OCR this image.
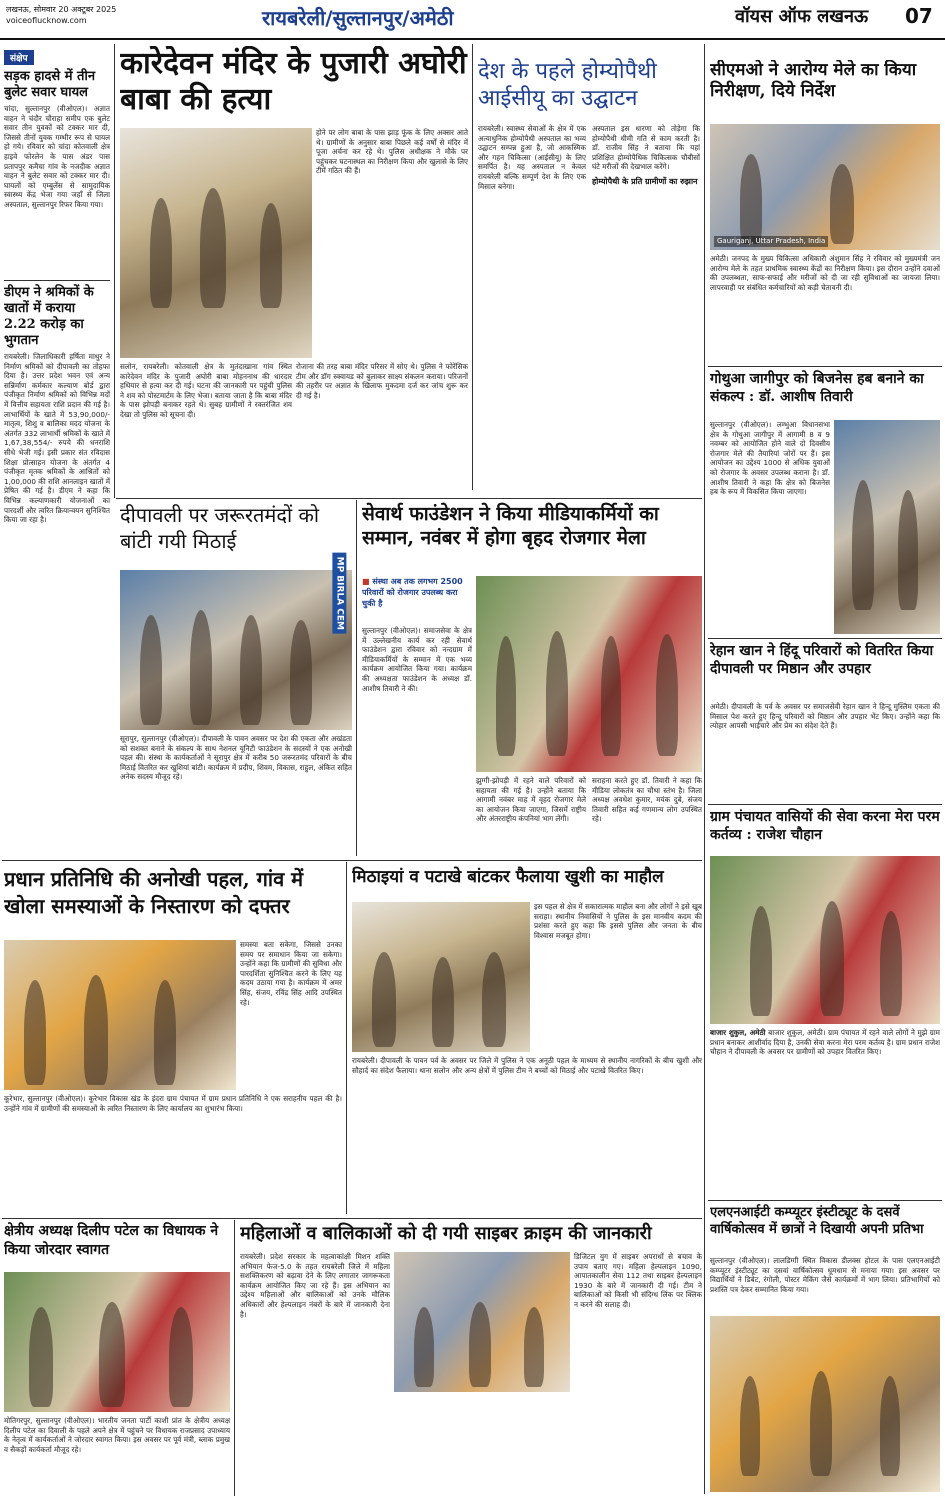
लखनऊ, सोमवार 20 अक्टूबर 2025
voiceoflucknow.com	रायबरेली/सुल्तानपुर/अमेठी	वॉयस ऑफ लखनऊ 07
संक्षेप
सड़क हादसे में तीन बुलेट सवार घायल
चांदा, सुल्तानपुर (वीओएल)। अज्ञात वाहन ने चंदौर चौराहा समीप एक बुलेट सवार तीन युवकों को टक्कर मार दी, जिससे तीनों युवक गम्भीर रूप से घायल हो गये। रविवार को चांदा कोतवाली क्षेत्र हाइवे फोरलेन के पास अंडर पास प्रतापपुर कमैचा गांव के नजदीक अज्ञात वाहन ने बुलेट सवार को टक्कर मार दी। घायलों को एम्बुलेंस से सामुदायिक स्वास्थ्य केंद्र भेजा गया जहाँ से जिला अस्पताल, सुल्तानपुर रिफर किया गया।
डीएम ने श्रमिकों के खातों में कराया 2.22 करोड़ का भुगतान
रायबरेली। जिलाधिकारी हर्षिता माथुर ने निर्माण श्रमिकों को दीपावली का तोहफा दिया है। उत्तर प्रदेश भवन एवं अन्य सन्निर्माण कर्मकार कल्याण बोर्ड द्वारा पंजीकृत निर्माण श्रमिकों को विभिन्न मदों में वित्तीय सहायता राशि प्रदान की गई है। लाभार्थियों के खाते में 53,90,000/- मातृत्व, शिशु व बालिका मदद योजना के अंतर्गत 332 लाभार्थी श्रमिकों के खाते में 1,67,38,554/- रुपये की धनराशि सीधे भेजी गई। इसी प्रकार संत रविदास शिक्षा प्रोत्साहन योजना के अंतर्गत 4 पंजीकृत मृतक श्रमिकों के आश्रितों को 1,00,000 की राशि आनलाइन खातों में प्रेषित की गई है। डीएम ने कहा कि विभिन्न कल्याणकारी योजनाओं का पारदर्शी और त्वरित क्रियान्वयन सुनिश्चित किया जा रहा है।
कारेदेवन मंदिर के पुजारी अघोरी बाबा की हत्या
होने पर लोग बाबा के पास झाड़ फूंक के लिए अक्सर आते थे। ग्रामीणों के अनुसार बाबा पिछले कई वर्षों से मंदिर में पूजा अर्चना कर रहे थे। पुलिस अधीक्षक ने मौके पर पहुंचकर घटनास्थल का निरीक्षण किया और खुलासे के लिए टीमें गठित की हैं।
सलोन, रायबरेली। कोतवाली क्षेत्र के मुतंदाखाना गांव स्थित कारेदेवन मंदिर के पुजारी अघोरी बाबा मोहननाथ की धारदार हथियार से हत्या कर दी गई। घटना की जानकारी पर पहुंची पुलिस ने शव को पोस्टमार्टम के लिए भेजा। बताया जाता है कि बाबा मंदिर के पास झोपड़ी बनाकर रहते थे। सुबह ग्रामीणों ने रक्तरंजित शव देखा तो पुलिस को सूचना दी।
रोजाना की तरह बाबा मंदिर परिसर में सोए थे। पुलिस ने फोरेंसिक टीम और डॉग स्क्वायड को बुलाकर साक्ष्य संकलन कराया। परिजनों की तहरीर पर अज्ञात के खिलाफ मुकदमा दर्ज कर जांच शुरू कर दी गई है।
देश के पहले होम्योपैथी आईसीयू का उद्घाटन
रायबरेली। स्वास्थ्य सेवाओं के क्षेत्र में एक अत्याधुनिक होम्योपैथी अस्पताल का भव्य उद्घाटन सम्पन्न हुआ है, जो आकस्मिक और गहन चिकित्सा (आईसीयू) के लिए समर्पित है। यह अस्पताल न केवल रायबरेली बल्कि सम्पूर्ण देश के लिए एक मिसाल बनेगा।
अस्पताल इस धारणा को तोड़ेगा कि होम्योपैथी धीमी गति से काम करती है। डॉ. राजीव सिंह ने बताया कि यहां प्रशिक्षित होम्योपैथिक चिकित्सक चौबीसों घंटे मरीजों की देखभाल करेंगे।
होम्योपैथी के प्रति ग्रामीणों का रुझान
सीएमओ ने आरोग्य मेले का किया निरीक्षण, दिये निर्देश
Gauriganj, Uttar Pradesh, India
अमेठी। जनपद के मुख्य चिकित्सा अधिकारी अंशुमान सिंह ने रविवार को मुख्यमंत्री जन आरोग्य मेले के तहत प्राथमिक स्वास्थ्य केंद्रों का निरीक्षण किया। इस दौरान उन्होंने दवाओं की उपलब्धता, साफ-सफाई और मरीजों को दी जा रही सुविधाओं का जायजा लिया। लापरवाही पर संबंधित कर्मचारियों को कड़ी चेतावनी दी।
गोथुआ जागीपुर को बिजनेस हब बनाने का संकल्प : डॉ. आशीष तिवारी
सुल्तानपुर (वीओएल)। लम्भुआ विधानसभा क्षेत्र के गोथुआ जागीपुर में आगामी 8 व 9 नवम्बर को आयोजित होने वाले दो दिवसीय रोजगार मेले की तैयारियां जोरों पर हैं। इस आयोजन का उद्देश्य 1000 से अधिक युवाओं को रोजगार के अवसर उपलब्ध कराना है। डॉ. आशीष तिवारी ने कहा कि क्षेत्र को बिजनेस हब के रूप में विकसित किया जाएगा।
रेहान खान ने हिंदू परिवारों को वितरित किया दीपावली पर मिष्ठान और उपहार
अमेठी। दीपावली के पर्व के अवसर पर समाजसेवी रेहान खान ने हिन्दू मुस्लिम एकता की मिसाल पेश करते हुए हिन्दू परिवारों को मिष्ठान और उपहार भेंट किए। उन्होंने कहा कि त्योहार आपसी भाईचारे और प्रेम का संदेश देते हैं।
ग्राम पंचायत वासियों की सेवा करना मेरा परम कर्तव्य : राजेश चौहान
बाजार शुकुल, अमेठी बाजार शुकुल, अमेठी। ग्राम पंचायत में रहने वाले लोगों ने मुझे ग्राम प्रधान बनाकर आशीर्वाद दिया है, उनकी सेवा करना मेरा परम कर्तव्य है। ग्राम प्रधान राजेश चौहान ने दीपावली के अवसर पर ग्रामीणों को उपहार वितरित किए।
एलएनआईटी कम्प्यूटर इंस्टीट्यूट के दसवें वार्षिकोत्सव में छात्रों ने दिखायी अपनी प्रतिभा
सुल्तानपुर (वीओएल)। लालडिग्गी स्थित विकास डीलक्स होटल के पास एलएनआईटी कम्प्यूटर इंस्टीट्यूट का दसवां वार्षिकोत्सव धूमधाम से मनाया गया। इस अवसर पर विद्यार्थियों ने डिबेट, रंगोली, पोस्टर मेकिंग जैसे कार्यक्रमों में भाग लिया। प्रतिभागियों को प्रशस्ति पत्र देकर सम्मानित किया गया।
दीपावली पर जरूरतमंदों को बांटी गयी मिठाई
MP BIRLA CEM
सूरापुर, सुल्तानपुर (वीओएल)। दीपावली के पावन अवसर पर देश की एकता और अखंडता को सशक्त बनाने के संकल्प के साथ नेशनल यूनिटी फाउंडेशन के सदस्यों ने एक अनोखी पहल की। संस्था के कार्यकर्ताओं ने सूरापुर क्षेत्र में करीब 50 जरूरतमंद परिवारों के बीच मिठाई वितरित कर खुशियां बांटी। कार्यक्रम में प्रदीप, शिवम, विकास, राहुल, अंकित सहित अनेक सदस्य मौजूद रहे।
सेवार्थ फाउंडेशन ने किया मीडियाकर्मियों का सम्मान, नवंबर में होगा बृहद रोजगार मेला
■ संस्था अब तक लगभग 2500 परिवारों को रोजगार उपलब्ध करा चुकी है
सुल्तानपुर (वीओएल)। समाजसेवा के क्षेत्र में उल्लेखनीय कार्य कर रही सेवार्थ फाउंडेशन द्वारा रविवार को नन्दग्राम में मीडियाकर्मियों के सम्मान में एक भव्य कार्यक्रम आयोजित किया गया। कार्यक्रम की अध्यक्षता फाउंडेशन के अध्यक्ष डॉ. आशीष तिवारी ने की।
झुग्गी-झोपड़ी में रहने वाले परिवारों को सहायता की गई है। उन्होंने बताया कि आगामी नवंबर माह में वृहद रोजगार मेले का आयोजन किया जाएगा, जिसमें राष्ट्रीय और अंतरराष्ट्रीय कंपनियां भाग लेंगी।
सराहना करते हुए डॉ. तिवारी ने कहा कि मीडिया लोकतंत्र का चौथा स्तंभ है। जिला अध्यक्ष अवधेश कुमार, मयंक दुबे, संजय तिवारी सहित कई गणमान्य लोग उपस्थित रहे।
प्रधान प्रतिनिधि की अनोखी पहल, गांव में खोला समस्याओं के निस्तारण को दफ्तर
समस्या बता सकेगा, जिससे उनका समय पर समाधान किया जा सकेगा। उन्होंने कहा कि ग्रामीणों की सुविधा और पारदर्शिता सुनिश्चित करने के लिए यह कदम उठाया गया है। कार्यक्रम में अमर सिंह, संजय, रविंद्र सिंह आदि उपस्थित रहे।
कूरेभार, सुल्तानपुर (वीओएल)। कूरेभार विकास खंड के इंदरा ग्राम पंचायत में ग्राम प्रधान प्रतिनिधि ने एक सराहनीय पहल की है। उन्होंने गांव में ग्रामीणों की समस्याओं के त्वरित निस्तारण के लिए कार्यालय का शुभारंभ किया।
मिठाइयां व पटाखे बांटकर फैलाया खुशी का माहौल
इस पहल से क्षेत्र में सकारात्मक माहौल बना और लोगों ने इसे खूब सराहा। स्थानीय निवासियों ने पुलिस के इस मानवीय कदम की प्रशंसा करते हुए कहा कि इससे पुलिस और जनता के बीच विश्वास मजबूत होगा।
रायबरेली। दीपावली के पावन पर्व के अवसर पर जिले में पुलिस ने एक अनूठी पहल के माध्यम से स्थानीय नागरिकों के बीच खुशी और सौहार्द का संदेश फैलाया। थाना सलोन और अन्य क्षेत्रों में पुलिस टीम ने बच्चों को मिठाई और पटाखे वितरित किए।
क्षेत्रीय अध्यक्ष दिलीप पटेल का विधायक ने किया जोरदार स्वागत
मोतिगरपुर, सुल्तानपुर (वीओएल)। भारतीय जनता पार्टी काशी प्रांत के क्षेत्रीय अध्यक्ष दिलीप पटेल का दिवाली के पहले अपने क्षेत्र में पहुंचने पर विधायक राजप्रसाद उपाध्याय के नेतृत्व में कार्यकर्ताओं ने जोरदार स्वागत किया। इस अवसर पर पूर्व मंत्री, ब्लाक प्रमुख व सैकड़ों कार्यकर्ता मौजूद रहे।
महिलाओं व बालिकाओं को दी गयी साइबर क्राइम की जानकारी
रायबरेली। प्रदेश सरकार के महत्वाकांक्षी मिशन शक्ति अभियान फेज-5.0 के तहत रायबरेली जिले में महिला सशक्तिकरण को बढ़ावा देने के लिए लगातार जागरूकता कार्यक्रम आयोजित किए जा रहे हैं। इस अभियान का उद्देश्य महिलाओं और बालिकाओं को उनके मौलिक अधिकारों और हेल्पलाइन नंबरों के बारे में जानकारी देना है।
डिजिटल युग में साइबर अपराधों से बचाव के उपाय बताए गए। महिला हेल्पलाइन 1090, आपातकालीन सेवा 112 तथा साइबर हेल्पलाइन 1930 के बारे में जानकारी दी गई। टीम ने बालिकाओं को किसी भी संदिग्ध लिंक पर क्लिक न करने की सलाह दी।
